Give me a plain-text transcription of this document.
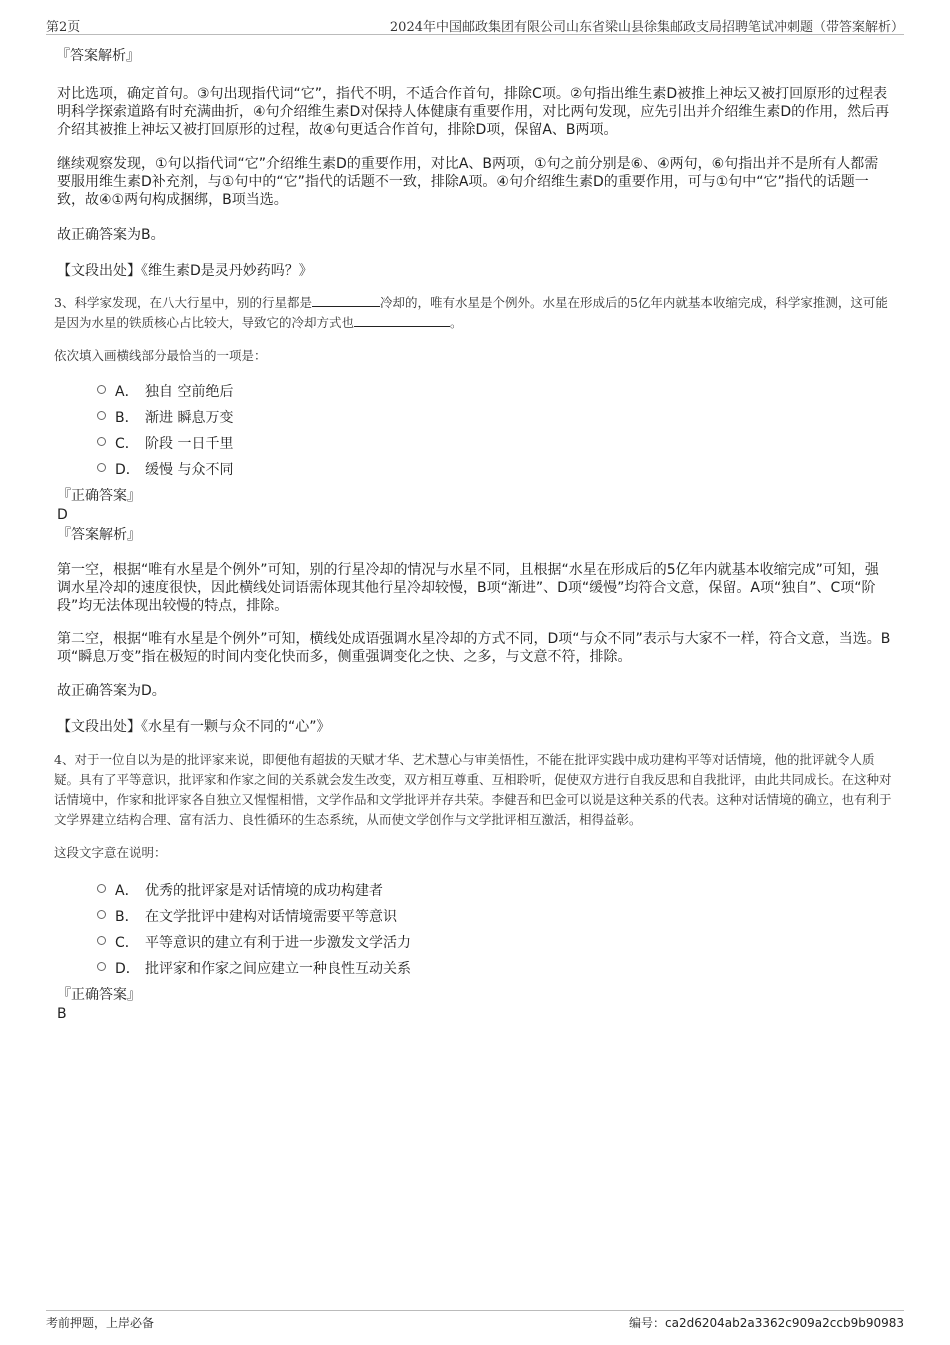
第2页	2024年中国邮政集团有限公司山东省梁山县徐集邮政支局招聘笔试冲刺题（带答案解析）
『答案解析』

对比选项，确定首句。③句出现指代词“它”，指代不明，不适合作首句，排除C项。②句指出维生素D被推上神坛又被打回原形的过程表明科学探索道路有时充满曲折，④句介绍维生素D对保持人体健康有重要作用，对比两句发现，应先引出并介绍维生素D的作用，然后再介绍其被推上神坛又被打回原形的过程，故④句更适合作首句，排除D项，保留A、B两项。

继续观察发现，①句以指代词“它”介绍维生素D的重要作用，对比A、B两项，①句之前分别是⑥、④两句，⑥句指出并不是所有人都需要服用维生素D补充剂，与①句中的“它”指代的话题不一致，排除A项。④句介绍维生素D的重要作用，可与①句中“它”指代的话题一致，故④①两句构成捆绑，B项当选。

故正确答案为B。

【文段出处】《维生素D是灵丹妙药吗？》

3、科学家发现，在八大行星中，别的行星都是	冷却的，唯有水星是个例外。水星在形成后的5亿年内就基本收缩完成，科学家推测，这可能是因为水星的铁质核心占比较大，导致它的冷却方式也	。

依次填入画横线部分最恰当的一项是：

A． 独自 空前绝后
B． 渐进 瞬息万变
C． 阶段 一日千里
D． 缓慢 与众不同
『正确答案』
D
『答案解析』

第一空，根据“唯有水星是个例外”可知，别的行星冷却的情况与水星不同，且根据“水星在形成后的5亿年内就基本收缩完成”可知，强调水星冷却的速度很快，因此横线处词语需体现其他行星冷却较慢，B项“渐进”、D项“缓慢”均符合文意，保留。A项“独自”、C项“阶段”均无法体现出较慢的特点，排除。

第二空，根据“唯有水星是个例外”可知，横线处成语强调水星冷却的方式不同，D项“与众不同”表示与大家不一样，符合文意，当选。B项“瞬息万变”指在极短的时间内变化快而多，侧重强调变化之快、之多，与文意不符，排除。

故正确答案为D。

【文段出处】《水星有一颗与众不同的“心”》

4、对于一位自以为是的批评家来说，即便他有超拔的天赋才华、艺术慧心与审美悟性，不能在批评实践中成功建构平等对话情境，他的批评就令人质疑。具有了平等意识，批评家和作家之间的关系就会发生改变，双方相互尊重、互相聆听，促使双方进行自我反思和自我批评，由此共同成长。在这种对话情境中，作家和批评家各自独立又惺惺相惜，文学作品和文学批评并存共荣。李健吾和巴金可以说是这种关系的代表。这种对话情境的确立，也有利于文学界建立结构合理、富有活力、良性循环的生态系统，从而使文学创作与文学批评相互激活，相得益彰。

这段文字意在说明：

A． 优秀的批评家是对话情境的成功构建者
B． 在文学批评中建构对话情境需要平等意识
C． 平等意识的建立有利于进一步激发文学活力
D． 批评家和作家之间应建立一种良性互动关系
『正确答案』
B
考前押题，上岸必备	编号：ca2d6204ab2a3362c909a2ccb9b90983
